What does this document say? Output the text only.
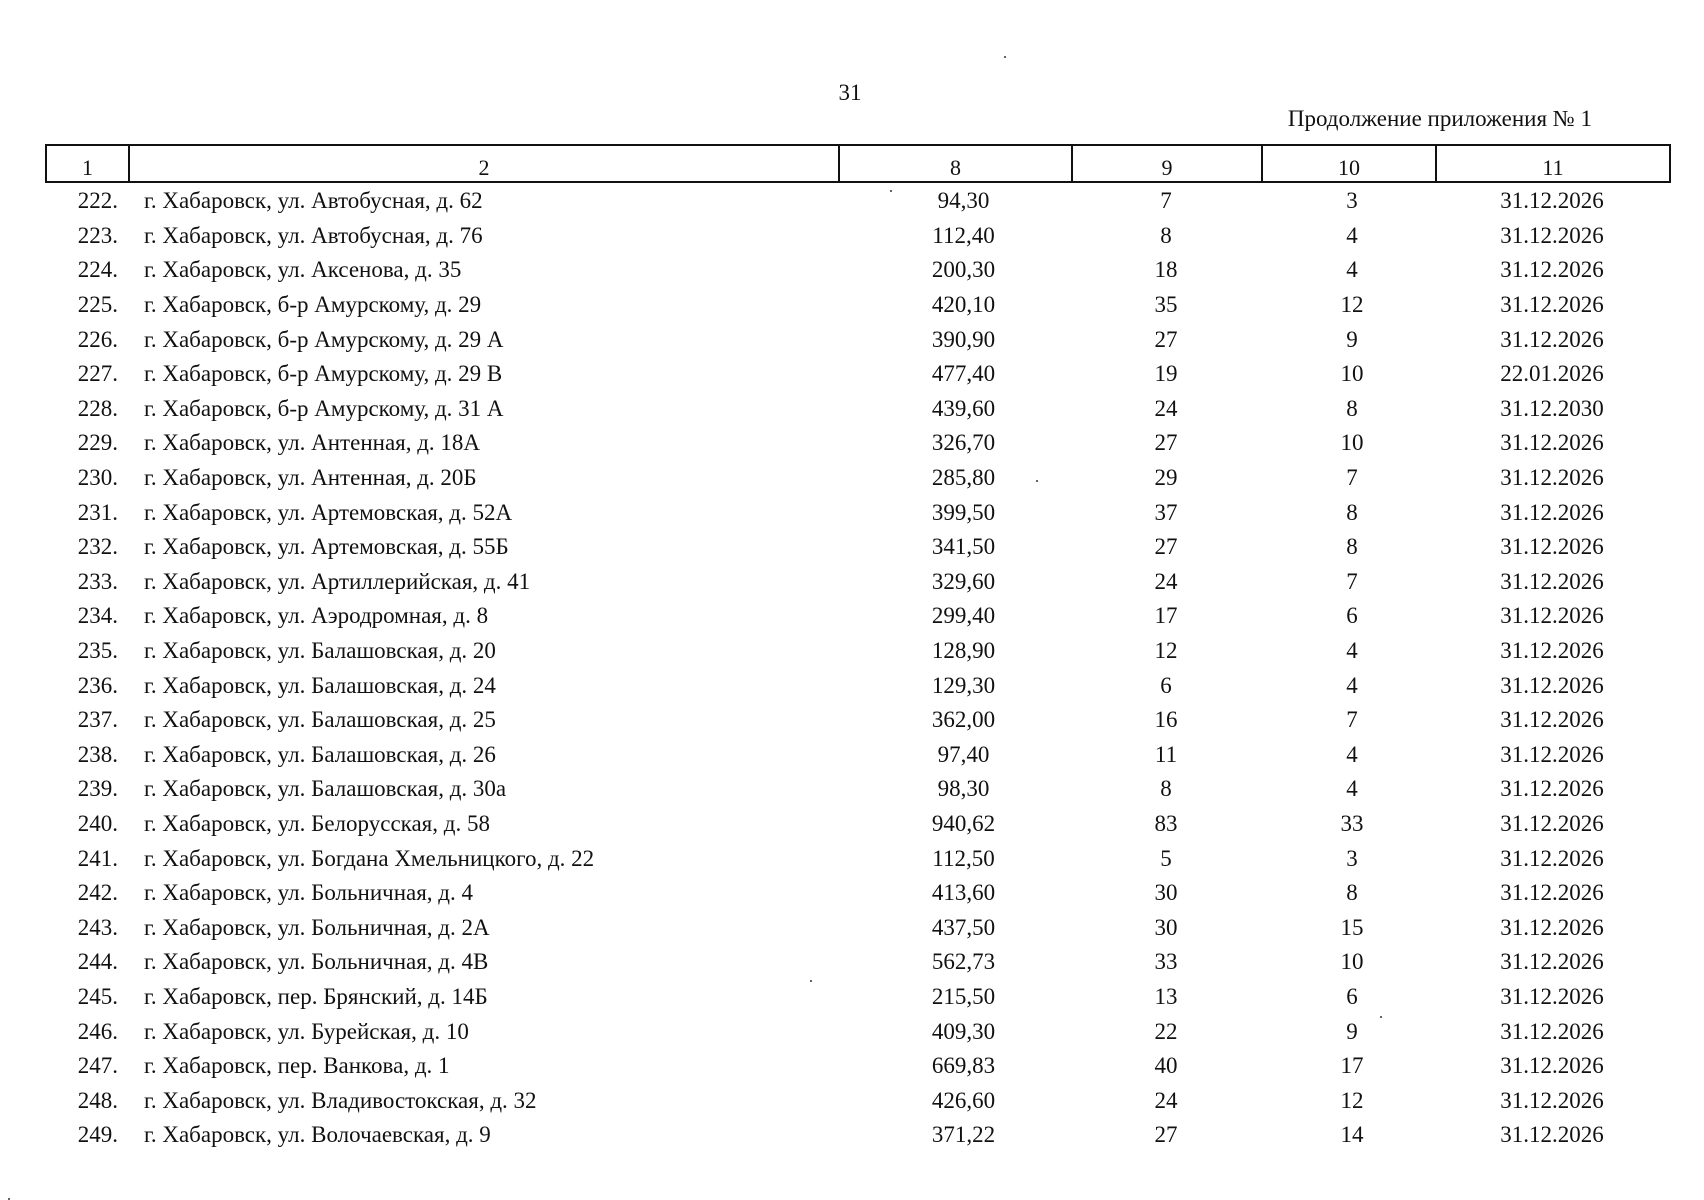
31
Продолжение приложения № 1
1	2	8	9	10	11
222.	г. Хабаровск, ул. Автобусная, д. 62	94,30	7	3	31.12.2026
223.	г. Хабаровск, ул. Автобусная, д. 76	112,40	8	4	31.12.2026
224.	г. Хабаровск, ул. Аксенова, д. 35	200,30	18	4	31.12.2026
225.	г. Хабаровск, б-р Амурскому, д. 29	420,10	35	12	31.12.2026
226.	г. Хабаровск, б-р Амурскому, д. 29 А	390,90	27	9	31.12.2026
227.	г. Хабаровск, б-р Амурскому, д. 29 В	477,40	19	10	22.01.2026
228.	г. Хабаровск, б-р Амурскому, д. 31 А	439,60	24	8	31.12.2030
229.	г. Хабаровск, ул. Антенная, д. 18А	326,70	27	10	31.12.2026
230.	г. Хабаровск, ул. Антенная, д. 20Б	285,80	29	7	31.12.2026
231.	г. Хабаровск, ул. Артемовская, д. 52А	399,50	37	8	31.12.2026
232.	г. Хабаровск, ул. Артемовская, д. 55Б	341,50	27	8	31.12.2026
233.	г. Хабаровск, ул. Артиллерийская, д. 41	329,60	24	7	31.12.2026
234.	г. Хабаровск, ул. Аэродромная, д. 8	299,40	17	6	31.12.2026
235.	г. Хабаровск, ул. Балашовская, д. 20	128,90	12	4	31.12.2026
236.	г. Хабаровск, ул. Балашовская, д. 24	129,30	6	4	31.12.2026
237.	г. Хабаровск, ул. Балашовская, д. 25	362,00	16	7	31.12.2026
238.	г. Хабаровск, ул. Балашовская, д. 26	97,40	11	4	31.12.2026
239.	г. Хабаровск, ул. Балашовская, д. 30а	98,30	8	4	31.12.2026
240.	г. Хабаровск, ул. Белорусская, д. 58	940,62	83	33	31.12.2026
241.	г. Хабаровск, ул. Богдана Хмельницкого, д. 22	112,50	5	3	31.12.2026
242.	г. Хабаровск, ул. Больничная, д. 4	413,60	30	8	31.12.2026
243.	г. Хабаровск, ул. Больничная, д. 2А	437,50	30	15	31.12.2026
244.	г. Хабаровск, ул. Больничная, д. 4В	562,73	33	10	31.12.2026
245.	г. Хабаровск, пер. Брянский, д. 14Б	215,50	13	6	31.12.2026
246.	г. Хабаровск, ул. Бурейская, д. 10	409,30	22	9	31.12.2026
247.	г. Хабаровск, пер. Ванкова, д. 1	669,83	40	17	31.12.2026
248.	г. Хабаровск, ул. Владивостокская, д. 32	426,60	24	12	31.12.2026
249.	г. Хабаровск, ул. Волочаевская, д. 9	371,22	27	14	31.12.2026
